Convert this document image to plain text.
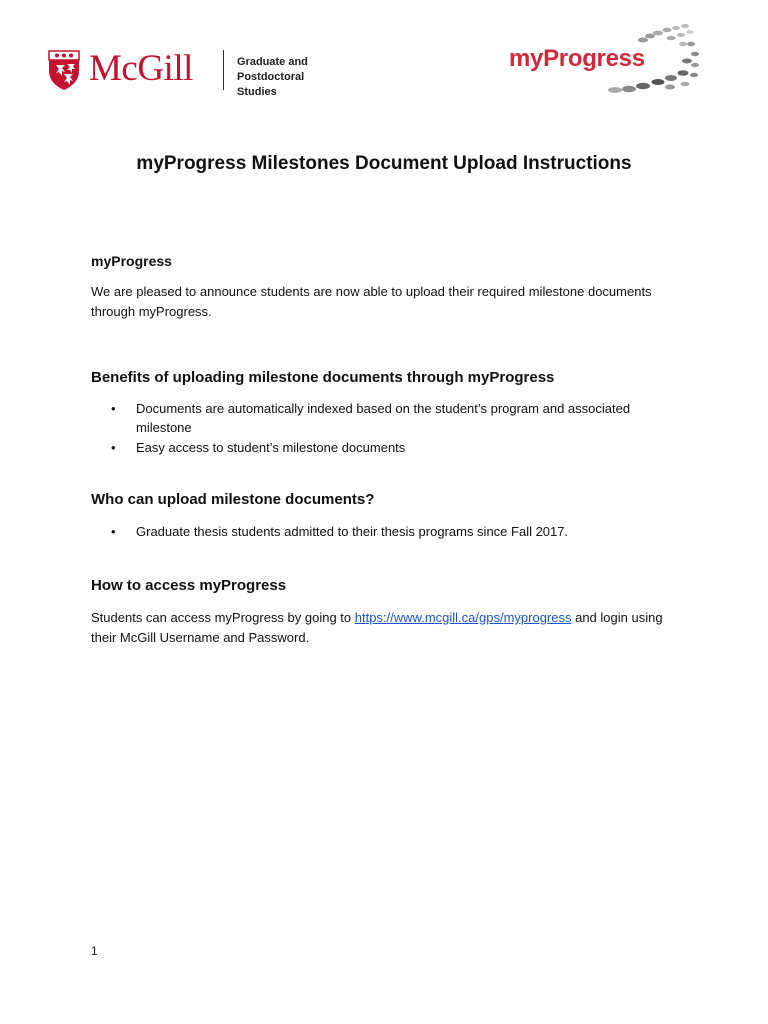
McGill	Graduate and
Postdoctoral Studies
myProgress
myProgress Milestones Document Upload Instructions

myProgress

We are pleased to announce students are now able to upload their required milestone documents through myProgress.

Benefits of uploading milestone documents through myProgress

• Documents are automatically indexed based on the student’s program and associated milestone
• Easy access to student’s milestone documents

Who can upload milestone documents?

• Graduate thesis students admitted to their thesis programs since Fall 2017.

How to access myProgress

Students can access myProgress by going to https://www.mcgill.ca/gps/myprogress and login using their McGill Username and Password.

1
